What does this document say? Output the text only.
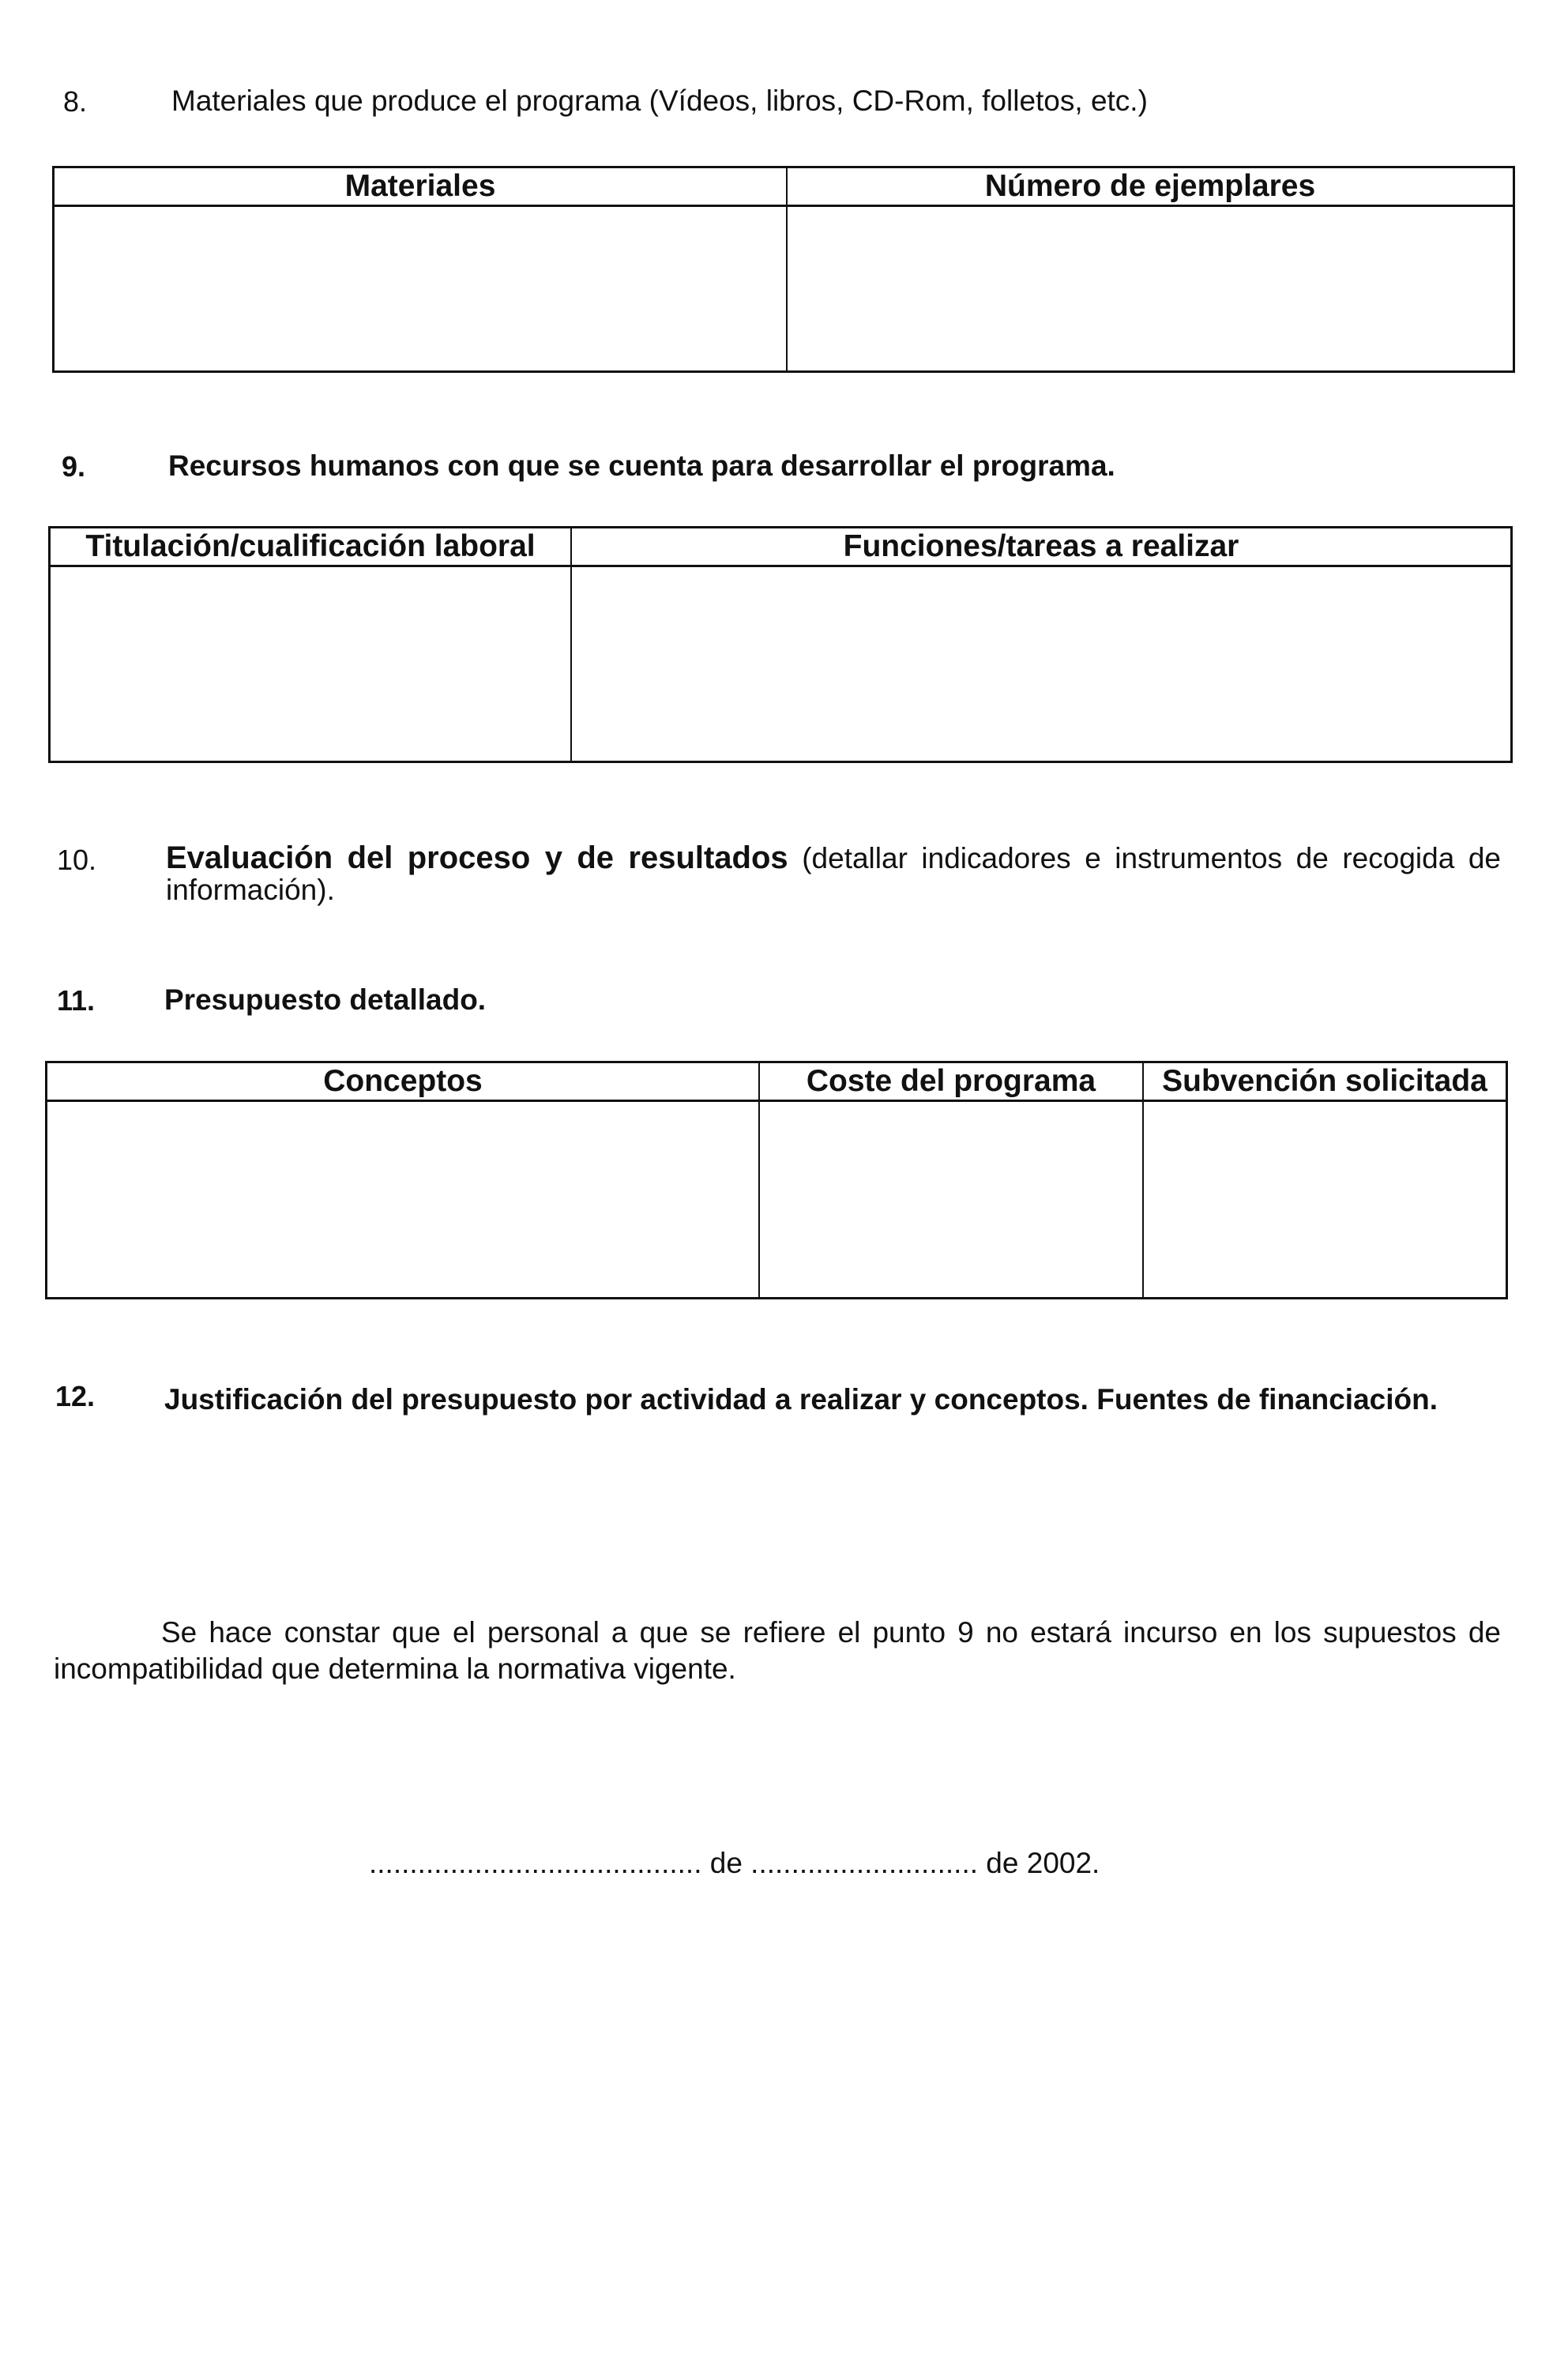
8.	Materiales que produce el programa (Vídeos, libros, CD-Rom, folletos, etc.)
Materiales	Número de ejemplares

9.	Recursos humanos con que se cuenta para desarrollar el programa.
Titulación/cualificación laboral	Funciones/tareas a realizar

10. Evaluación del proceso y de resultados (detallar indicadores e instrumentos de recogida de información).
11. Presupuesto detallado.
Conceptos	Coste del programa	Subvención solicitada

12. Justificación del presupuesto por actividad a realizar y conceptos. Fuentes de financiación.
Se hace constar que el personal a que se refiere el punto 9 no estará incurso en los supuestos de incompatibilidad que determina la normativa vigente.
......................................... de ............................ de 2002.
